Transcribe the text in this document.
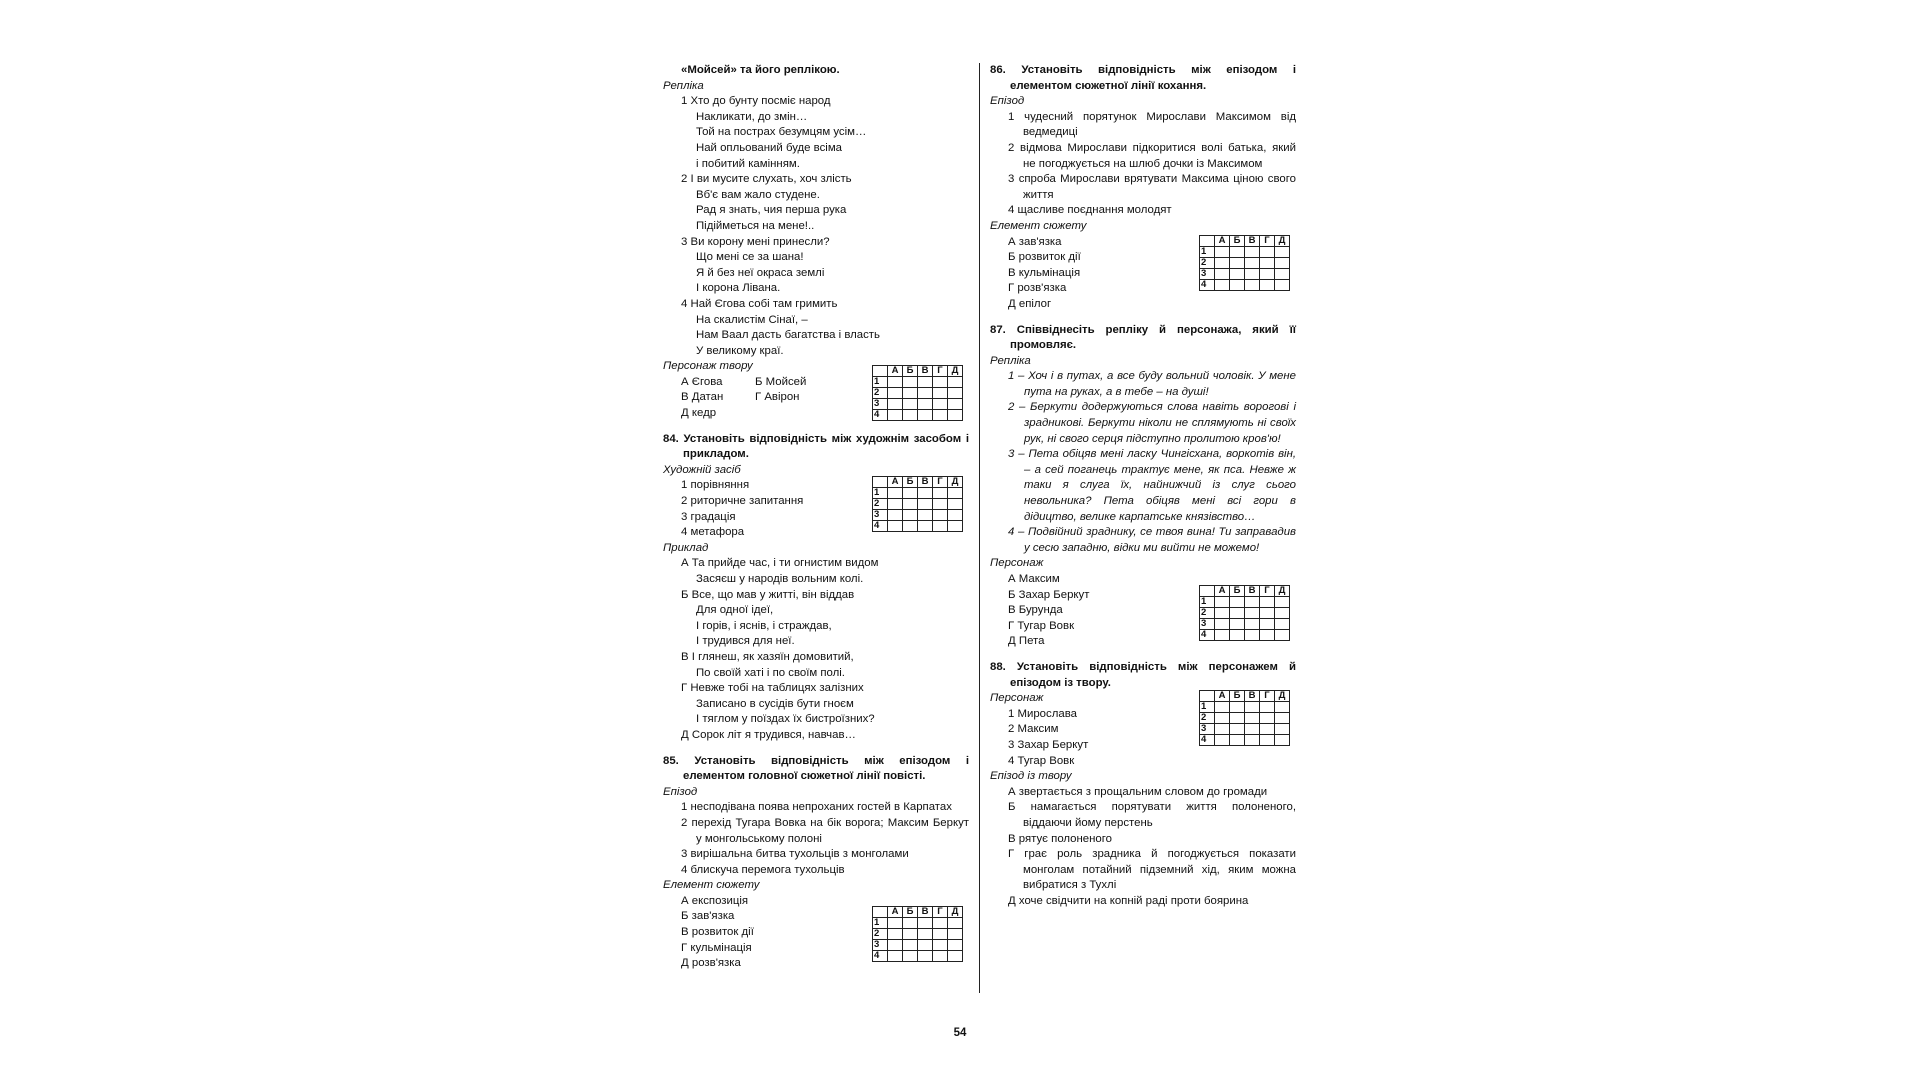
«Мойсей» та його реплікою.
Репліка
1 Хто до бунту посміє народ
Накликати, до змін…
Той на пострах безумцям усім…
Най опльований буде всіма
і побитий камінням.
2 І ви мусите слухать, хоч злість
Вб'є вам жало студене.
Рад я знать, чия перша рука
Підійметься на мене!..
3 Ви корону мені принесли?
Що мені се за шана!
Я й без неї окраса землі
І корона Лівана.
4 Най Єгова собі там гримить
На скалистім Сінаї, –
Нам Ваал дасть багатства і власть
У великому краї.
	А	Б	В	Г	Д
1					
2					
3					
4					
Персонаж твору
А Єгова	Б Мойсей
В Датан	Г Авірон
Д кедр
84. Установіть відповідність між художнім засобом і прикладом.
Художній засіб
	А	Б	В	Г	Д
1					
2					
3					
4					
1 порівняння
2 риторичне запитання
3 градація
4 метафора
Приклад
А Та прийде час, і ти огнистим видом
Засяєш у народів вольним колі.
Б Все, що мав у житті, він віддав
Для одної ідеї,
І горів, і яснів, і страждав,
І трудився для неї.
В І глянеш, як хазяїн домовитий,
По своїй хаті і по своїм полі.
Г Невже тобі на таблицях залізних
Записано в сусідів бути гноєм
І тяглом у поїздах їх бистроїзних?
Д Сорок літ я трудився, навчав…
85. Установіть відповідність між епізодом і елементом головної сюжетної лінії повісті.
Епізод
1 несподівана поява непроханих гостей в Карпатах
2 перехід Тугара Вовка на бік ворога; Максим Беркут у монгольському полоні
3 вирішальна битва тухольців з монголами
4 блискуча перемога тухольців
Елемент сюжету
А експозиція
	А	Б	В	Г	Д
1					
2					
3					
4					
Б зав'язка
В розвиток дії
Г кульмінація
Д розв'язка
86. Установіть відповідність між епізодом і елементом сюжетної лінії кохання.
Епізод
1 чудесний порятунок Мирослави Максимом від ведмедиці
2 відмова Мирослави підкоритися волі батька, який не погоджується на шлюб дочки із Максимом
3 спроба Мирослави врятувати Максима ціною свого життя
4 щасливе поєднання молодят
Елемент сюжету
	А	Б	В	Г	Д
1					
2					
3					
4					
А зав'язка
Б розвиток дії
В кульмінація
Г розв'язка
Д епілог
87. Співвіднесіть репліку й персонажа, який її промовляє.
Репліка
1 – Хоч і в путах, а все буду вольний чоловік. У мене пута на руках, а в тебе – на душі!
2 – Беркути додержуються слова навіть ворогові і зрадникові. Беркути ніколи не сплямують ні своїх рук, ні свого серця підступно пролитою кров'ю!
3 – Пета обіцяв мені ласку Чингісхана, воркотів він, – а сей поганець трактує мене, як пса. Невже ж таки я слуга їх, найнижчий із слуг сього невольника? Пета обіцяв мені всі гори в дідицтво, велике карпатське князівство…
4 – Подвійний зраднику, се твоя вина! Ти заправадив у сесю западню, відки ми вийти не можемо!
Персонаж
А Максим
	А	Б	В	Г	Д
1					
2					
3					
4					
Б Захар Беркут
В Бурунда
Г Тугар Вовк
Д Пета
88. Установіть відповідність між персонажем й епізодом із твору.
	А	Б	В	Г	Д
1					
2					
3					
4					
Персонаж
1 Мирослава
2 Максим
3 Захар Беркут
4 Тугар Вовк
Епізод із твору
А звертається з прощальним словом до громади
Б намагається порятувати життя полоненого, віддаючи йому перстень
В рятує полоненого
Г грає роль зрадника й погоджується показати монголам потайний підземний хід, яким можна вибратися з Тухлі
Д хоче свідчити на копній раді проти боярина
54
